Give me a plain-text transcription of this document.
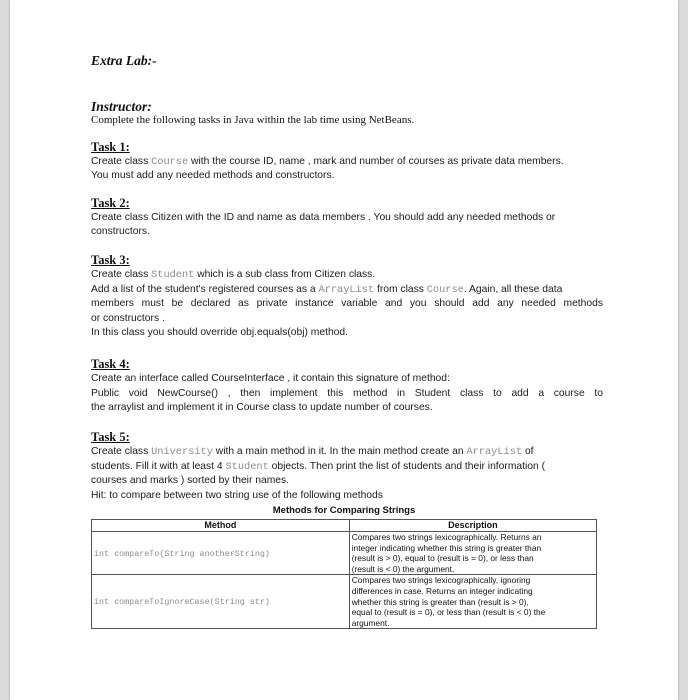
Extra Lab:-
Instructor:
Complete the following tasks in Java within the lab time using NetBeans.
Task 1:
Create class Course with the course ID, name , mark and number of courses as private data members.
You must add any needed methods and constructors.
Task 2:
Create class Citizen with the ID and name as data members . You should add any needed methods or
constructors.
Task 3:
Create class Student which is a sub class from Citizen class.
Add a list of the student's registered courses as a ArrayList from class Course. Again, all these data
members must be declared as private instance variable and you should add any needed methods
or constructors .
In this class you should override obj.equals(obj) method.
Task 4:
Create an interface called CourseInterface , it contain this signature of method:
Public void NewCourse() , then implement this method in Student class to add a course to
the arraylist and implement it in Course class to update number of courses.
Task 5:
Create class University with a main method in it. In the main method create an ArrayList of
students. Fill it with at least 4 Student objects. Then print the list of students and their information (
courses and marks ) sorted by their names.
Hit: to compare between two string use of the following methods
Methods for Comparing Strings
Method	Description
int compareTo(String anotherString)	Compares two strings lexicographically. Returns an
integer indicating whether this string is greater than
(result is > 0), equal to (result is = 0), or less than
(result is < 0) the argument.

int compareToIgnoreCase(String str)	Compares two strings lexicographically, ignoring
differences in case. Returns an integer indicating
whether this string is greater than (result is > 0),
equal to (result is = 0), or less than (result is < 0) the
argument.
